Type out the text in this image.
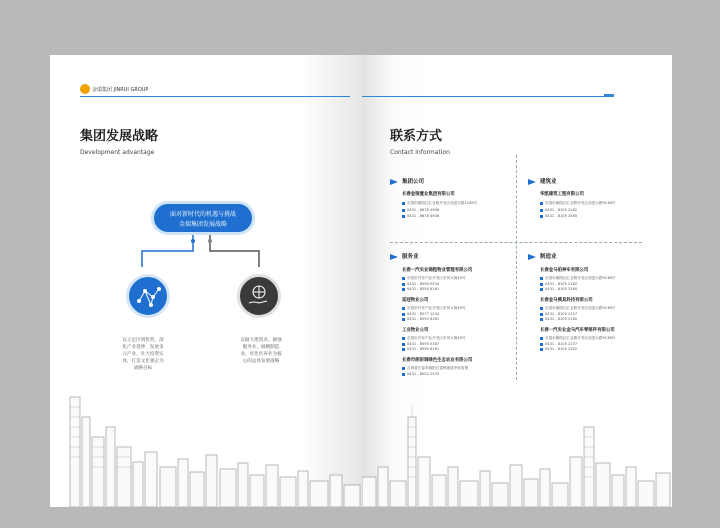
金瑞集团 JINRUI GROUP
集团发展战略
Development advantage
面对新时代的机遇与挑战
金瑞集团发展战略
以立足区域优势，深
化产业延伸、发展多
元产业、壮大投资实
体，打造文化强企为
战略目标
以做大建筑业、做强
服务业、做精制造
业，优化医养业为核
心的总体发展战略
联系方式
Contact information
集团公司
长春金瑞置业集团有限公司
长春市朝阳区汇业路开发区前进大路1189号
0431 - 8678 4908
0431 - 8678 4908
建筑业
华凯建筑工程有限公司
长春市朝阳区汇业路开发区前进大路9138号
0431 - 8105 2162
0431 - 8105 2565
服务业
长春一汽实业锦程物业管理有限公司
长春市汽车产业开发区东风大街49号
0431 - 8590 5534
0431 - 8590 6161
延冠物业公司
长春市汽车产业开发区东风大街49号
0431 - 8577 1234
0431 - 8590 6161
工业物业公司
长春市汽车产业开发区东风大街49号
0431 - 8590 5367
0431 - 8590 6161
长春市朗彩瑞绿色生态农业有限公司
吉林省长春市朝阳区富锋街道李家窝堡
0431 - 8002 2533
制造业
长春金马铂神车有限公司
长春市朝阳区汇业路开发区前进大路9138号
0431 - 8105 2162
0431 - 8105 2560
长春金马模具科技有限公司
长春市朝阳区汇业路开发区前进大路9138号
0431 - 8105 2157
0431 - 8105 2160
长春一汽实业金马汽车零部件有限公司
长春市朝阳区汇业路开发区前进大路9138号
0431 - 8105 2157
0431 - 8105 2302
